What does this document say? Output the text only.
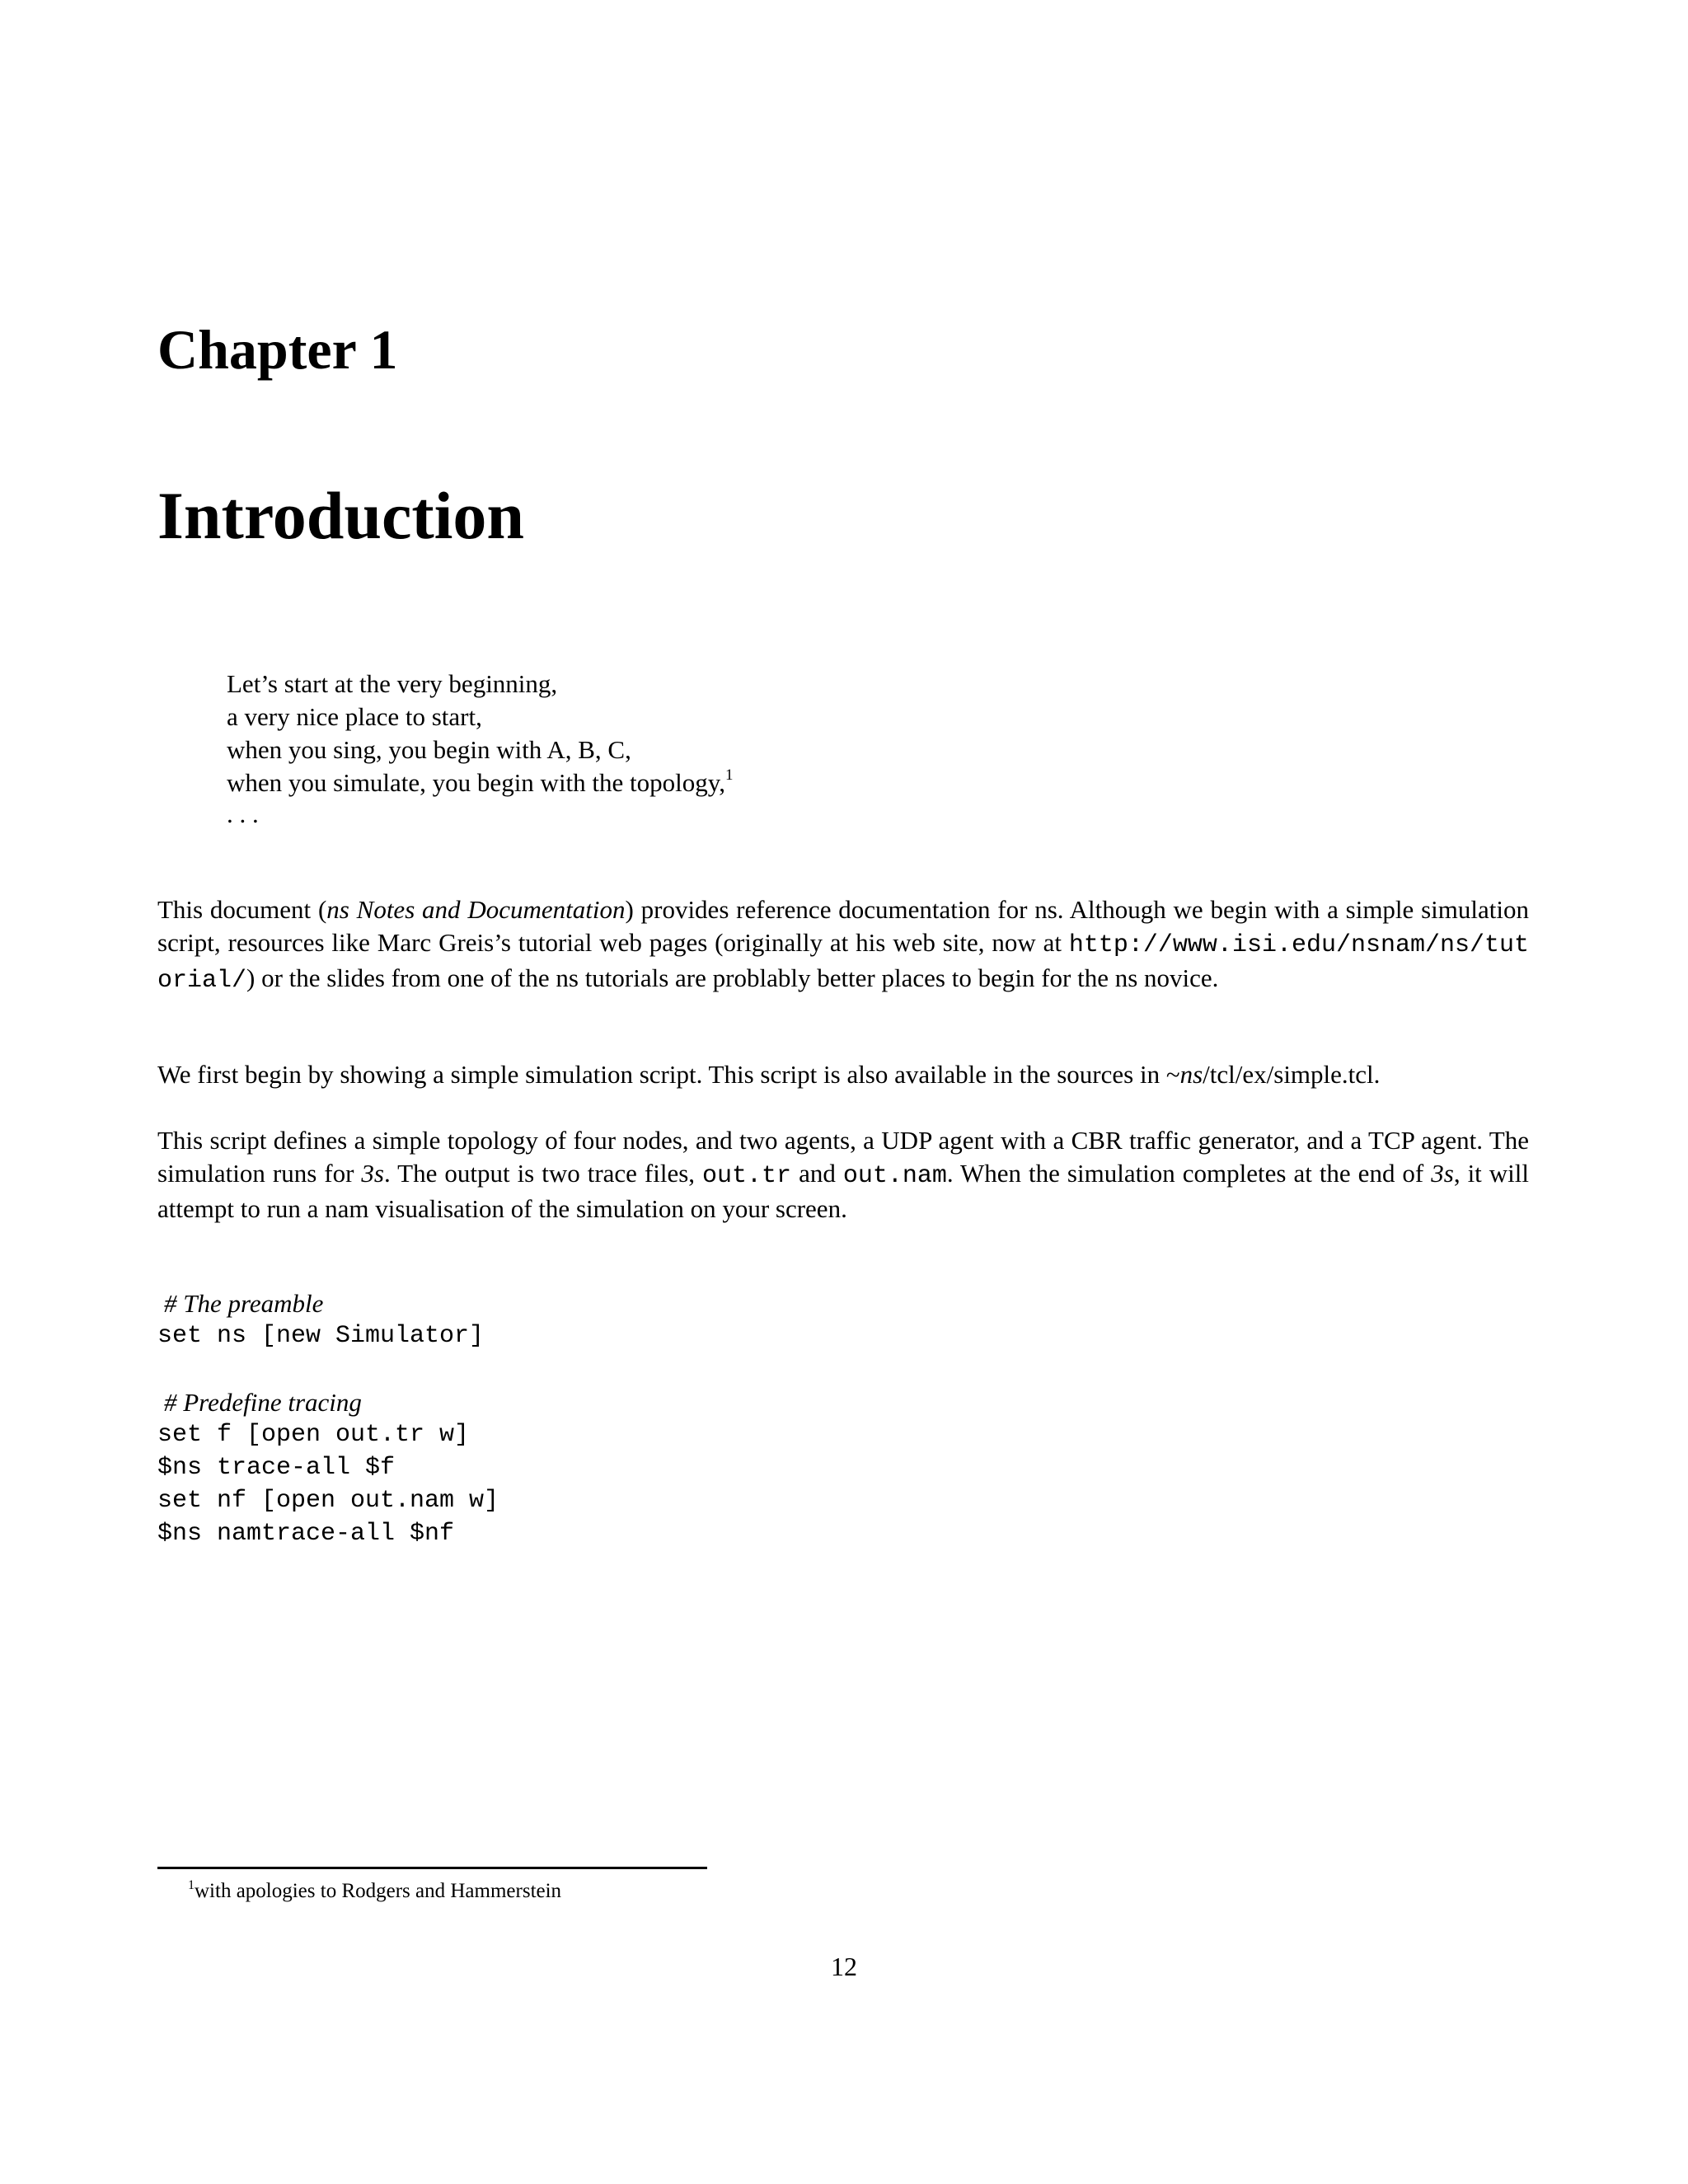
Chapter 1
Introduction
Let’s start at the very beginning,
a very nice place to start,
when you sing, you begin with A, B, C,
when you simulate, you begin with the topology,$^1$
. . .
This document (ns Notes and Documentation) provides reference documentation for ns. Although we begin with a simple simulation script, resources like Marc Greis’s tutorial web pages (originally at his web site, now at http://www.isi.edu/nsnam/ns/tutorial/) or the slides from one of the ns tutorials are problably better places to begin for the ns novice.
We first begin by showing a simple simulation script. This script is also available in the sources in ~ns/tcl/ex/simple.tcl.
This script defines a simple topology of four nodes, and two agents, a UDP agent with a CBR traffic generator, and a TCP agent. The simulation runs for 3s. The output is two trace files, out.tr and out.nam. When the simulation completes at the end of 3s, it will attempt to run a nam visualisation of the simulation on your screen.
# The preamble
set ns [new Simulator]
# Predefine tracing
set f [open out.tr w]
$ns trace-all $f
set nf [open out.nam w]
$ns namtrace-all $nf
$^1$with apologies to Rodgers and Hammerstein
12
